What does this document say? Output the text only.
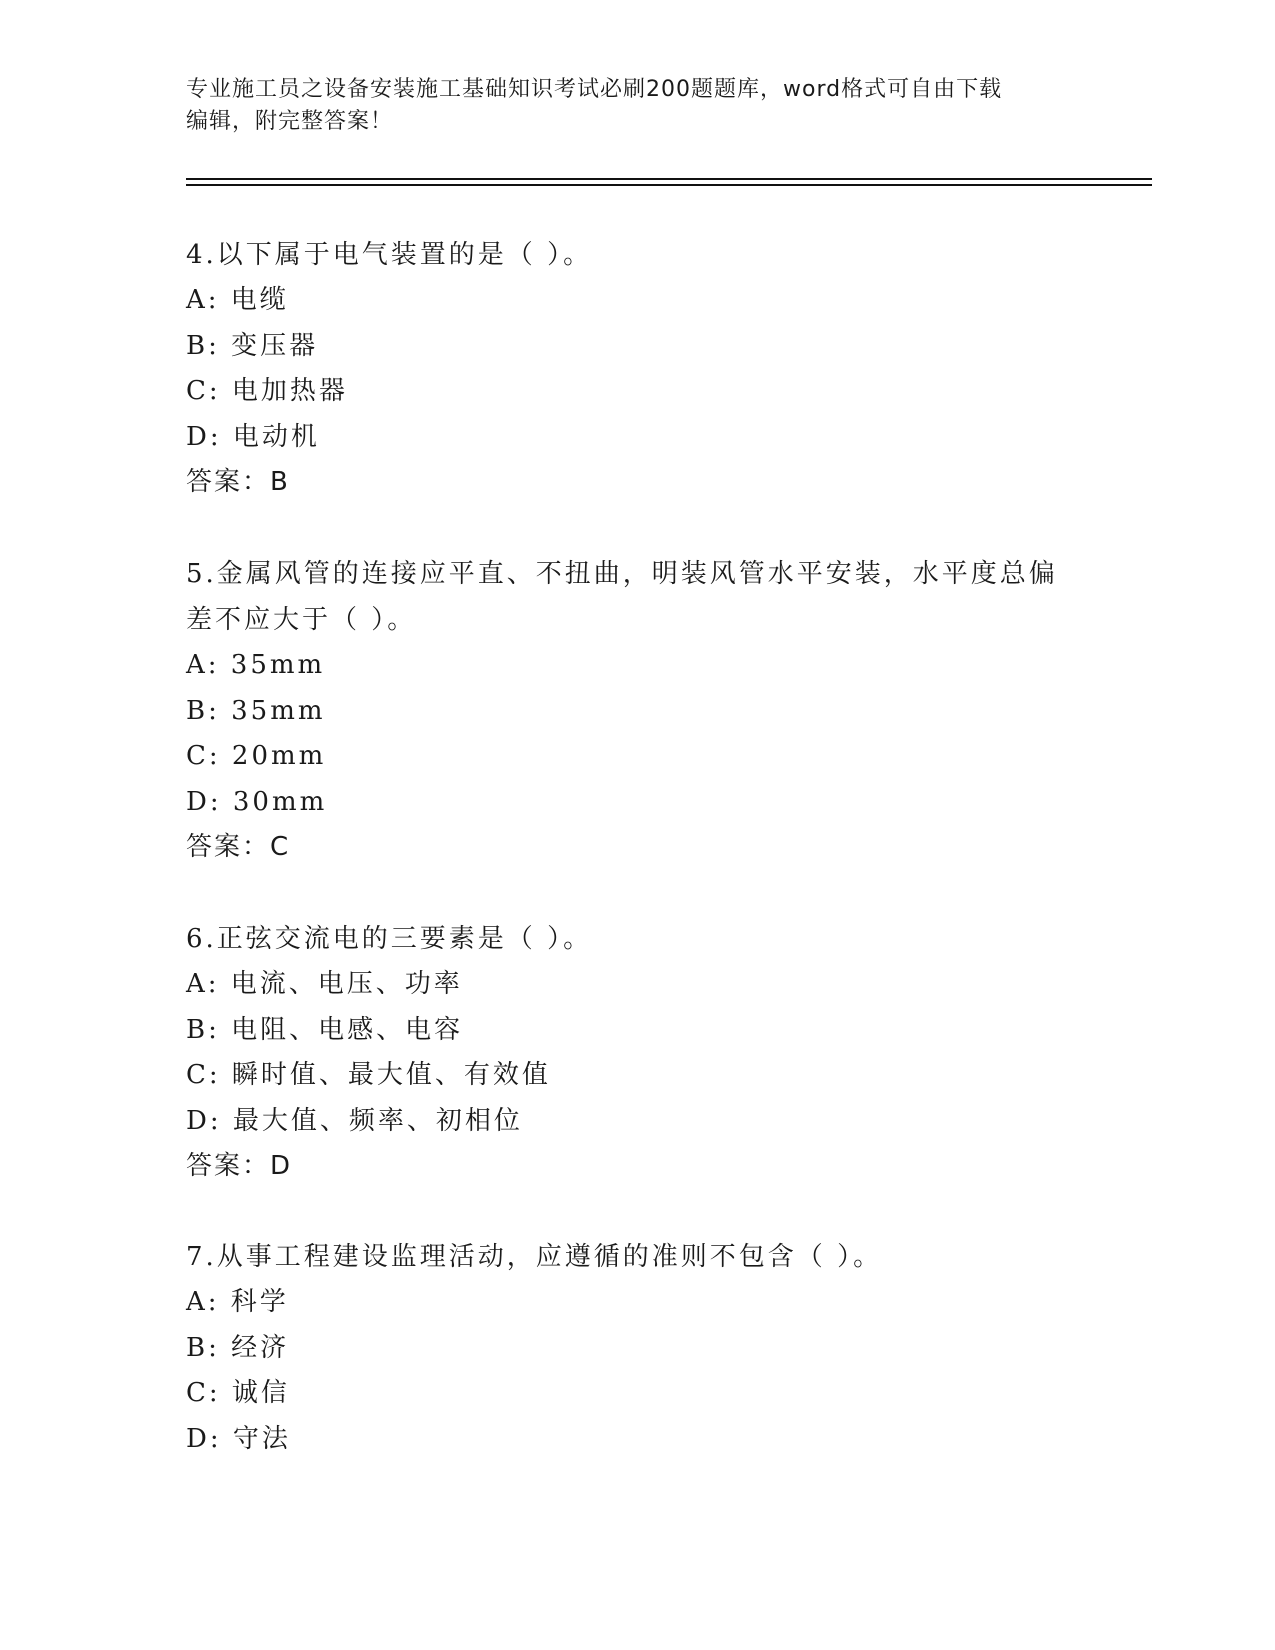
专业施工员之设备安装施工基础知识考试必刷200题题库，word格式可自由下载
编辑，附完整答案！

4.以下属于电气装置的是（ ）。

A: 电缆

B: 变压器

C: 电加热器

D: 电动机

答案：B

5.金属风管的连接应平直、不扭曲，明装风管水平安装，水平度总偏

差不应大于（ ）。

A: 35mm

B: 35mm

C: 20mm

D: 30mm

答案：C

6.正弦交流电的三要素是（ ）。

A: 电流、电压、功率

B: 电阻、电感、电容

C: 瞬时值、最大值、有效值

D: 最大值、频率、初相位

答案：D

7.从事工程建设监理活动，应遵循的准则不包含（ ）。

A: 科学

B: 经济

C: 诚信

D: 守法
